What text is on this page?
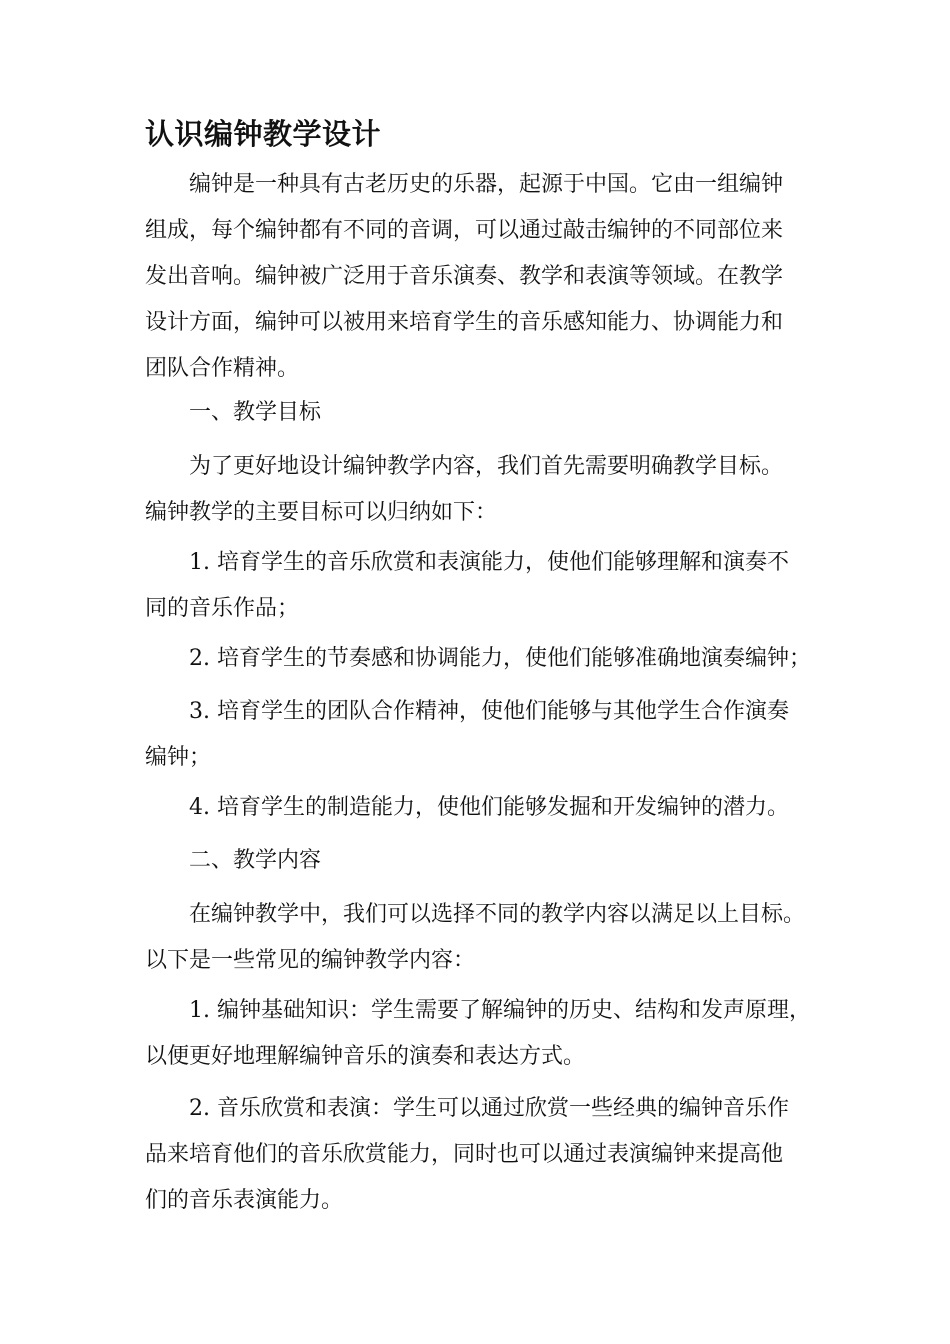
认识编钟教学设计

编钟是一种具有古老历史的乐器，起源于中国。它由一组编钟
组成，每个编钟都有不同的音调，可以通过敲击编钟的不同部位来
发出音响。编钟被广泛用于音乐演奏、教学和表演等领域。在教学
设计方面，编钟可以被用来培育学生的音乐感知能力、协调能力和
团队合作精神。

一、教学目标

为了更好地设计编钟教学内容，我们首先需要明确教学目标。
编钟教学的主要目标可以归纳如下：

1. 培育学生的音乐欣赏和表演能力，使他们能够理解和演奏不
同的音乐作品；

2. 培育学生的节奏感和协调能力，使他们能够准确地演奏编钟；

3. 培育学生的团队合作精神，使他们能够与其他学生合作演奏
编钟；

4. 培育学生的制造能力，使他们能够发掘和开发编钟的潜力。

二、教学内容

在编钟教学中，我们可以选择不同的教学内容以满足以上目标。
以下是一些常见的编钟教学内容：

1. 编钟基础知识：学生需要了解编钟的历史、结构和发声原理，
以便更好地理解编钟音乐的演奏和表达方式。

2. 音乐欣赏和表演：学生可以通过欣赏一些经典的编钟音乐作
品来培育他们的音乐欣赏能力，同时也可以通过表演编钟来提高他
们的音乐表演能力。
